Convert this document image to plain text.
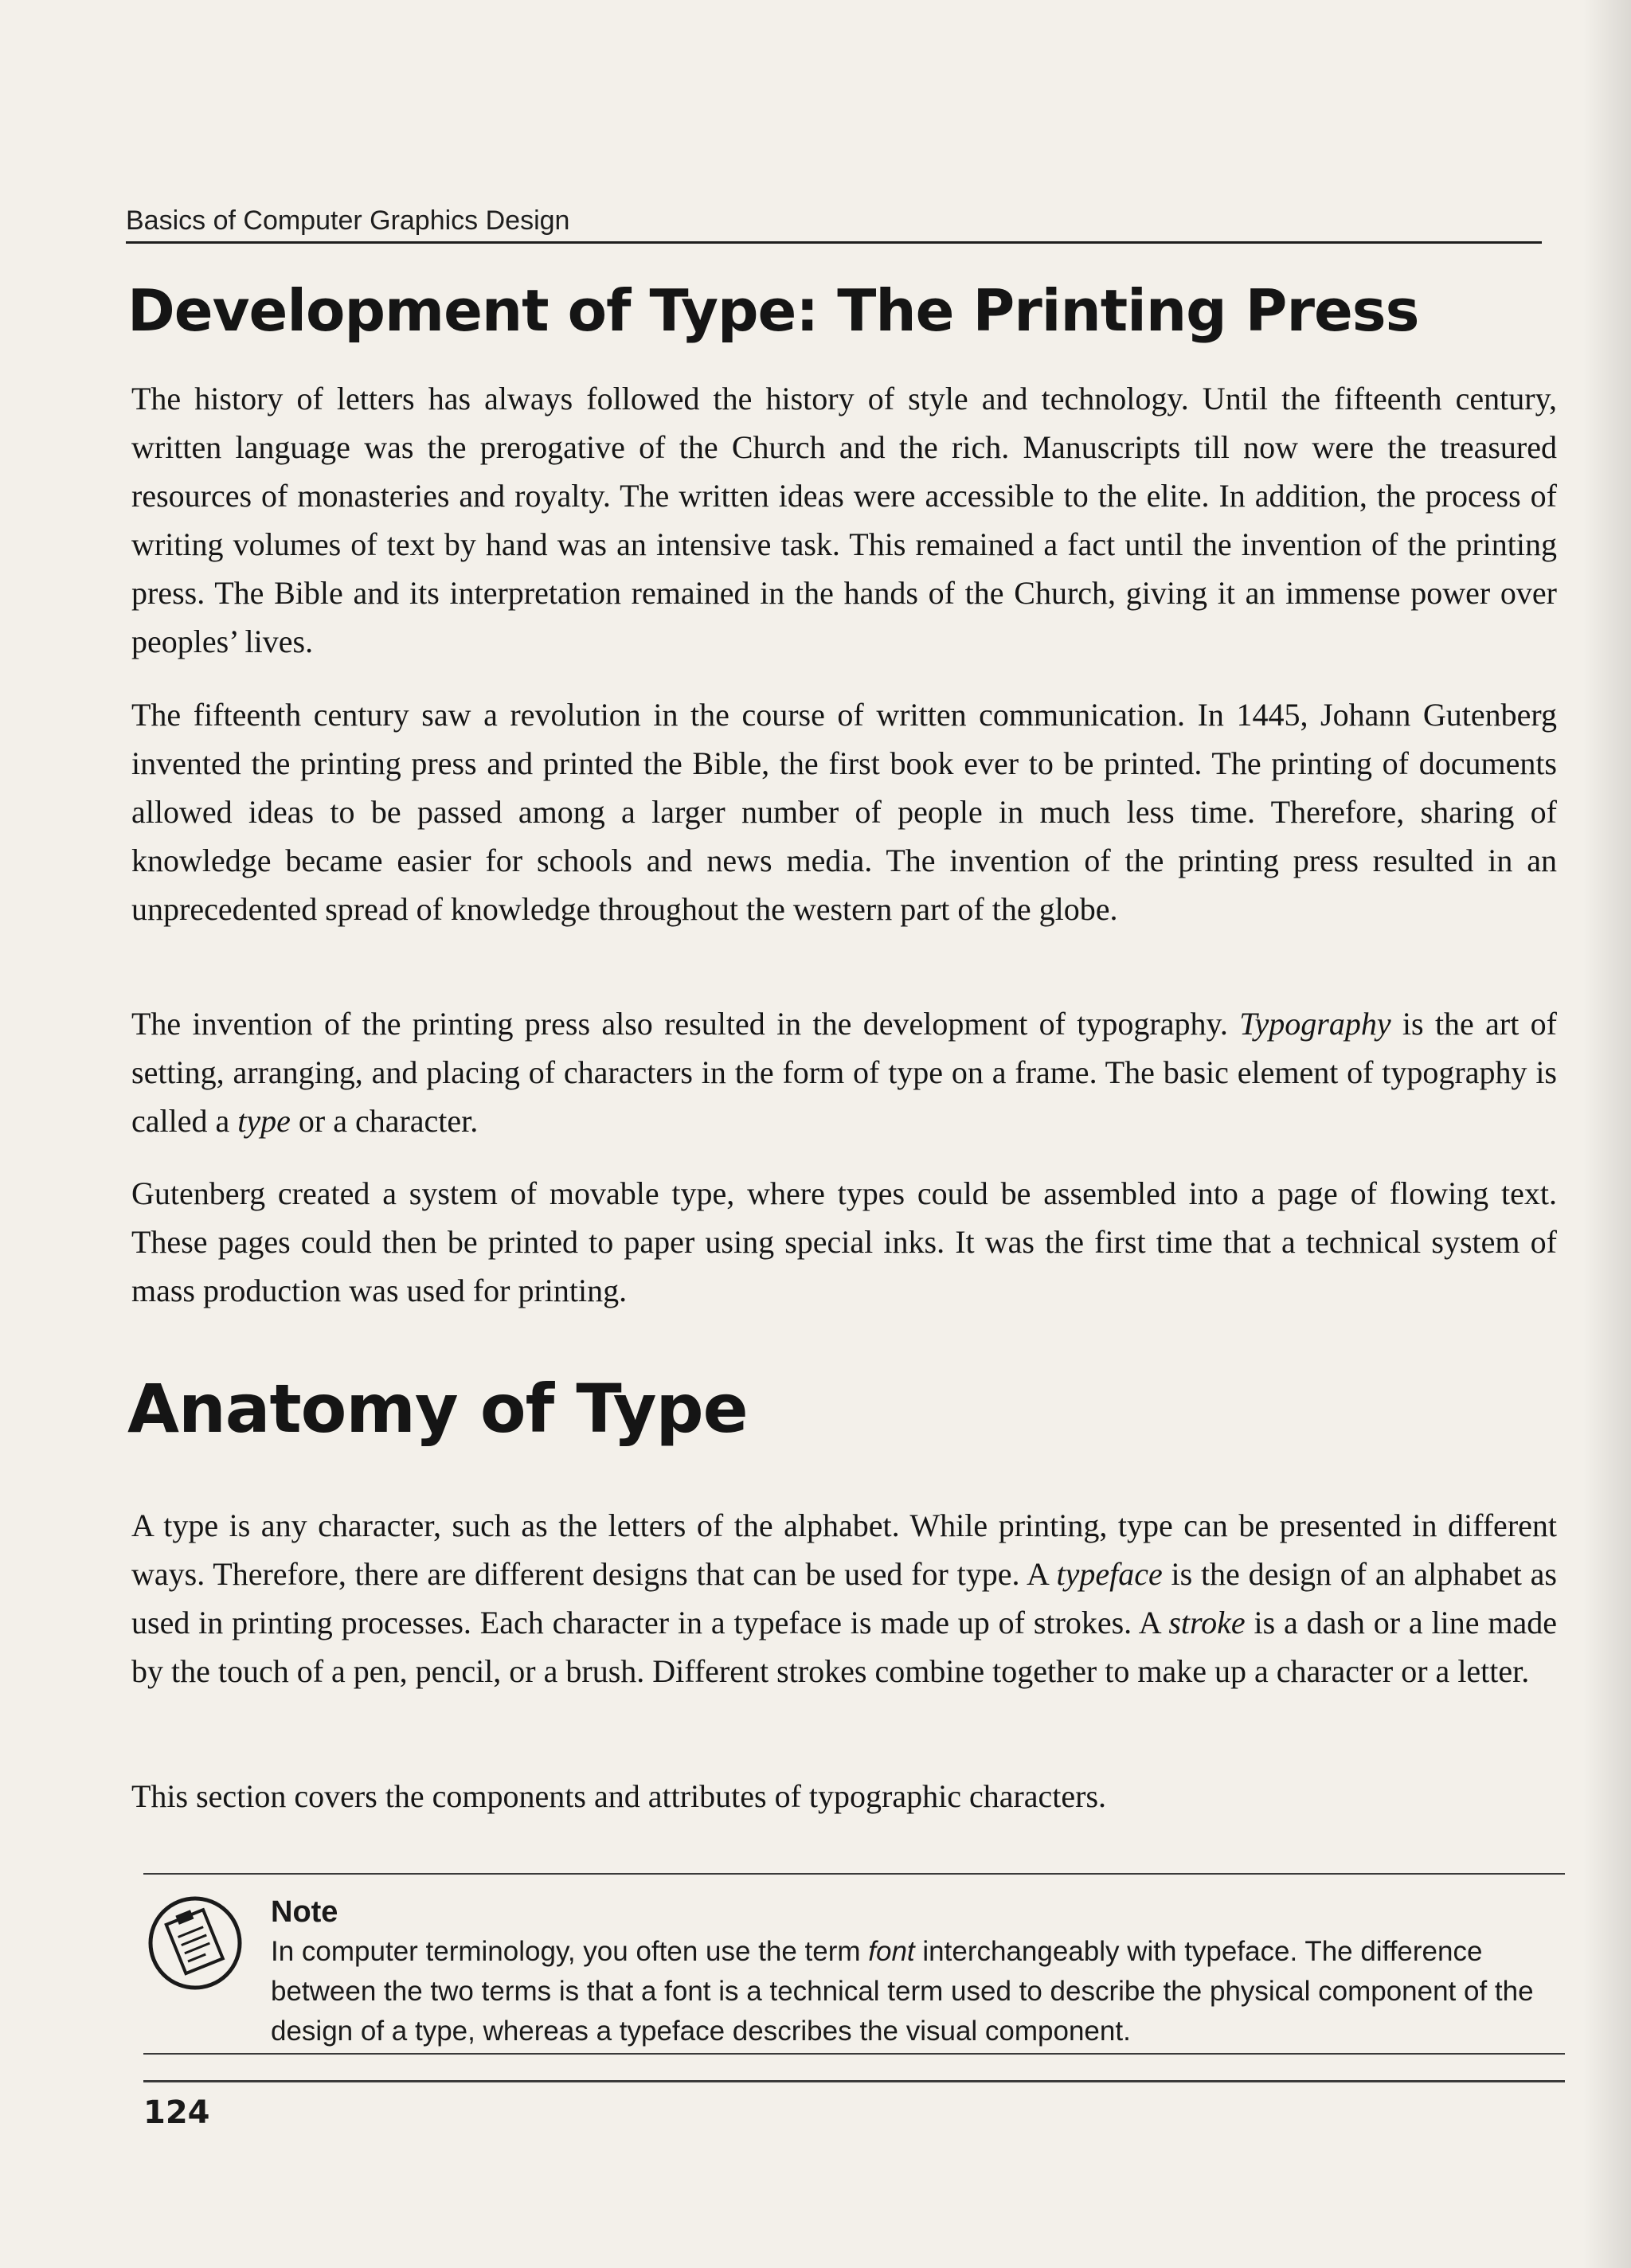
Basics of Computer Graphics Design
Development of Type: The Printing Press

The history of letters has always followed the history of style and technology. Until the fifteenth century, written language was the prerogative of the Church and the rich. Manuscripts till now were the treasured resources of monasteries and royalty. The written ideas were accessible to the elite. In addition, the process of writing volumes of text by hand was an intensive task. This remained a fact until the invention of the printing press. The Bible and its interpretation remained in the hands of the Church, giving it an immense power over peoples’ lives.

The fifteenth century saw a revolution in the course of written communication. In 1445, Johann Gutenberg invented the printing press and printed the Bible, the first book ever to be printed. The printing of documents allowed ideas to be passed among a larger number of people in much less time. Therefore, sharing of knowledge became easier for schools and news media. The invention of the printing press resulted in an unprecedented spread of knowledge throughout the western part of the globe.

The invention of the printing press also resulted in the development of typography. Typography is the art of setting, arranging, and placing of characters in the form of type on a frame. The basic element of typography is called a type or a character.

Gutenberg created a system of movable type, where types could be assembled into a page of flowing text. These pages could then be printed to paper using special inks. It was the first time that a technical system of mass production was used for printing.

Anatomy of Type

A type is any character, such as the letters of the alphabet. While printing, type can be presented in different ways. Therefore, there are different designs that can be used for type. A typeface is the design of an alphabet as used in printing processes. Each character in a typeface is made up of strokes. A stroke is a dash or a line made by the touch of a pen, pencil, or a brush. Different strokes combine together to make up a character or a letter.

This section covers the components and attributes of typographic characters.

Note
In computer terminology, you often use the term font interchangeably with typeface. The difference between the two terms is that a font is a technical term used to describe the physical component of the design of a type, whereas a typeface describes the visual component.
124
